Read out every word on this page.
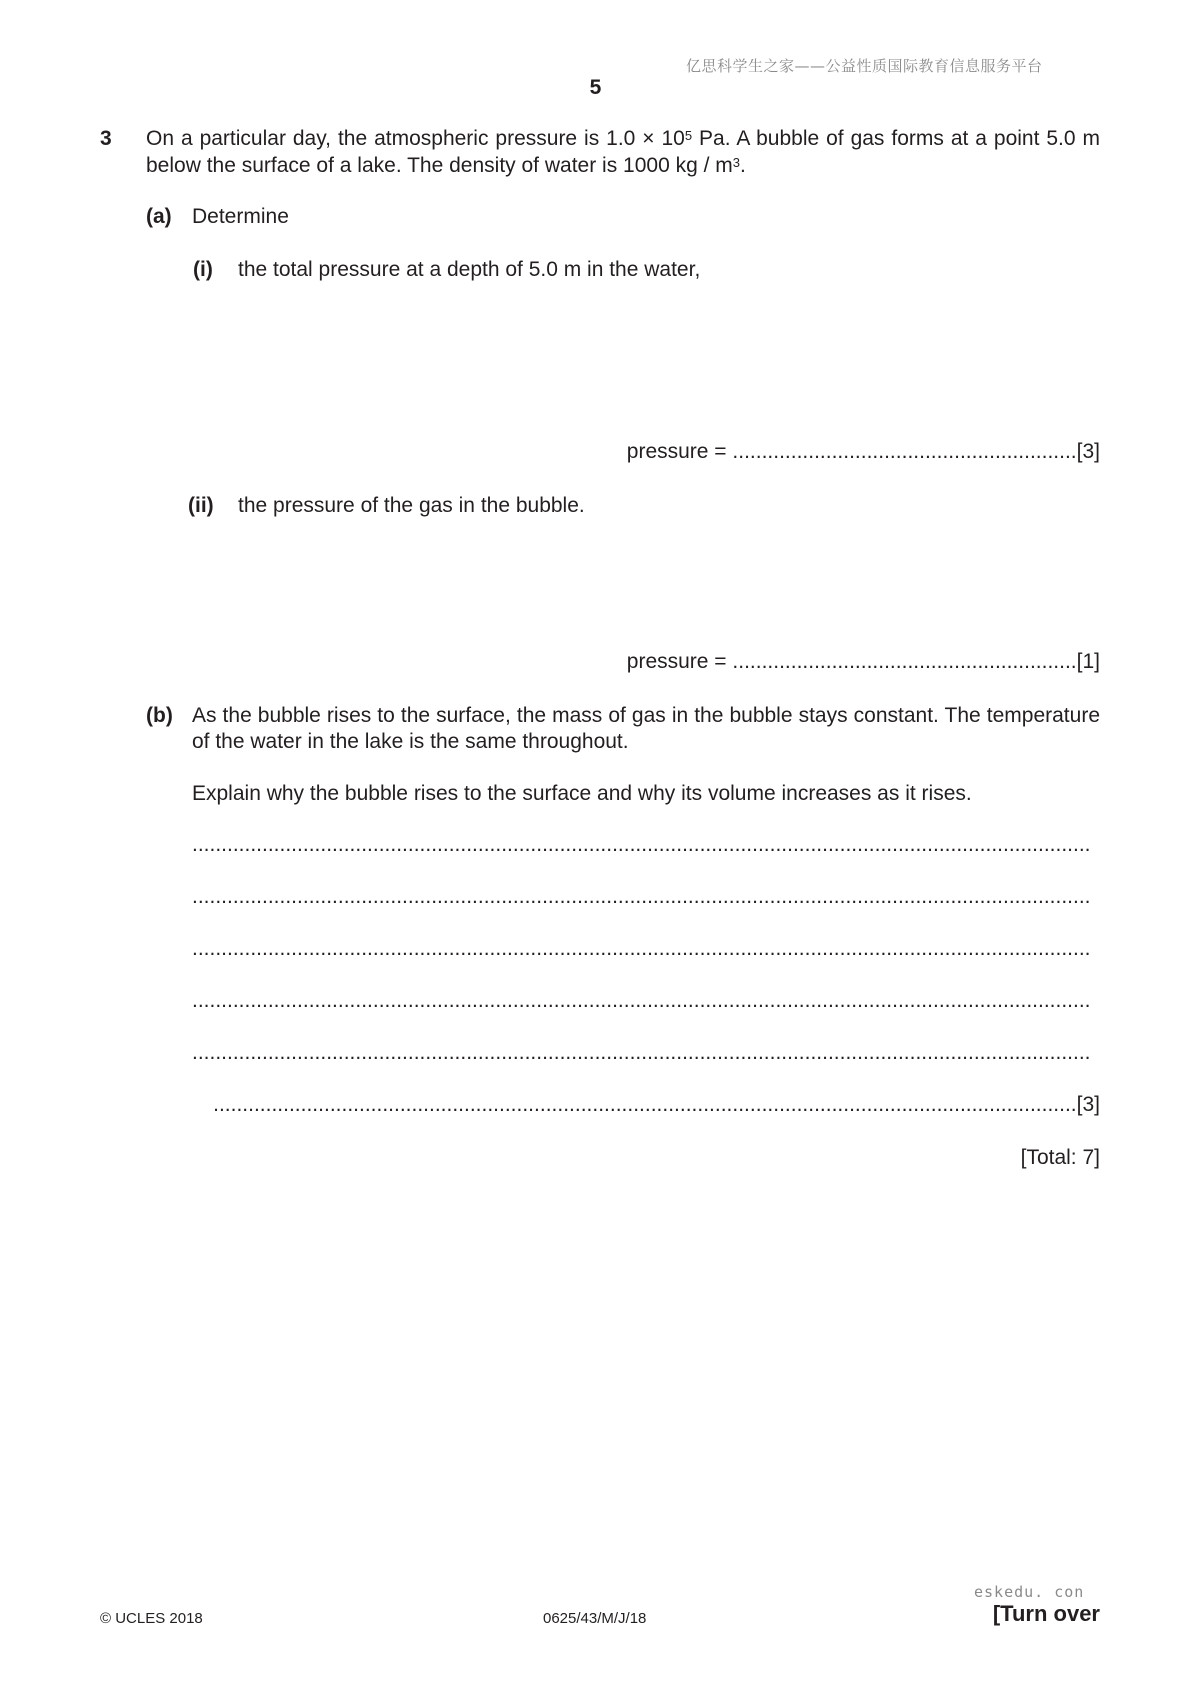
亿思科学生之家——公益性质国际教育信息服务平台
5
3 On a particular day, the atmospheric pressure is $1.0 \times 10^5$ Pa. A bubble of gas forms at a point 5.0 m below the surface of a lake. The density of water is 1000 kg / $m^3$.
(a) Determine
(i) the total pressure at a depth of 5.0 m in the water,
pressure = ...........................................................[3]
(ii) the pressure of the gas in the bubble.
pressure = ...........................................................[1]
(b) As the bubble rises to the surface, the mass of gas in the bubble stays constant. The temperature of the water in the lake is the same throughout.
Explain why the bubble rises to the surface and why its volume increases as it rises.
..........................................................................................................................................................
..........................................................................................................................................................
..........................................................................................................................................................
..........................................................................................................................................................
..........................................................................................................................................................
....................................................................................................................................................[3]
[Total: 7]
eskedu. con
© UCLES 2018	0625/43/M/J/18	[Turn over
